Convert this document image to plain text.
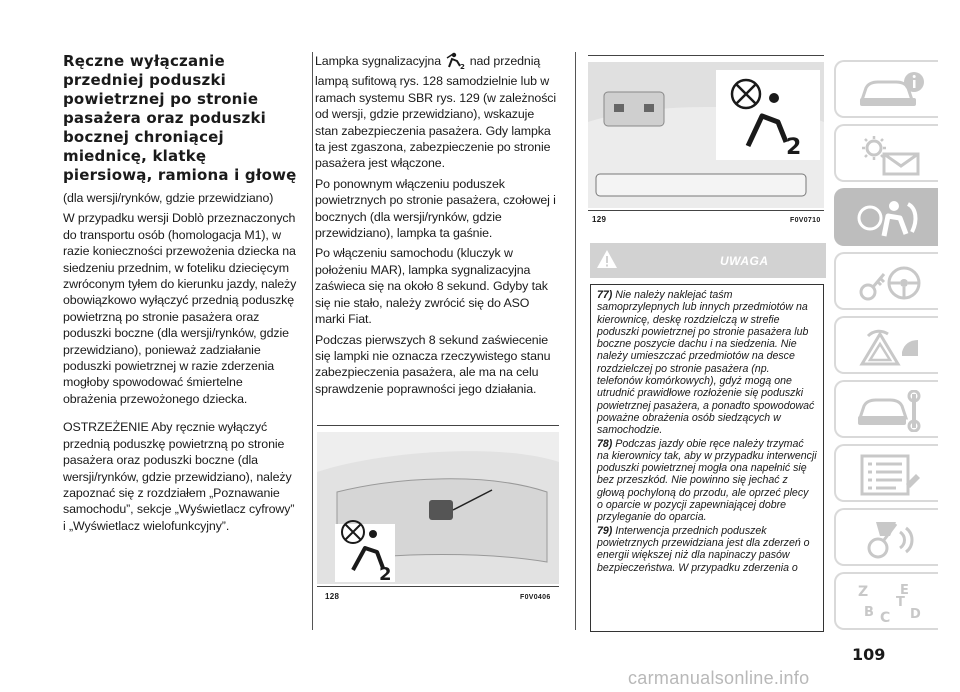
Ręczne wyłączanie przedniej poduszki powietrznej po stronie pasażera oraz poduszki bocznej chroniącej miednicę, klatkę piersiową, ramiona i głowę

(dla wersji/rynków, gdzie przewidziano)

W przypadku wersji Doblò przeznaczonych do transportu osób (homologacja M1), w razie konieczności przewożenia dziecka na siedzeniu przednim, w foteliku dziecięcym zwróconym tyłem do kierunku jazdy, należy obowiązkowo wyłączyć przednią poduszkę powietrzną po stronie pasażera oraz poduszki boczne (dla wersji/rynków, gdzie przewidziano), ponieważ zadziałanie poduszki powietrznej w razie zderzenia mogłoby spowodować śmiertelne obrażenia przewożonego dziecka.

OSTRZEŻENIE Aby ręcznie wyłączyć przednią poduszkę powietrzną po stronie pasażera oraz poduszki boczne (dla wersji/rynków, gdzie przewidziano), należy zapoznać się z rozdziałem „Poznawanie samochodu”, sekcje „Wyświetlacz cyfrowy” i „Wyświetlacz wielofunkcyjny”.

Lampka sygnalizacyjna	2 nad przednią lampą sufitową rys. 128 samodzielnie lub w ramach systemu SBR rys. 129 (w zależności od wersji, gdzie przewidziano), wskazuje stan zabezpieczenia pasażera. Gdy lampka ta jest zgaszona, zabezpieczenie po stronie pasażera jest włączone.

Po ponownym włączeniu poduszek powietrznych po stronie pasażera, czołowej i bocznych (dla wersji/rynków, gdzie przewidziano), lampka ta gaśnie.

Po włączeniu samochodu (kluczyk w położeniu MAR), lampka sygnalizacyjna zaświeca się na około 8 sekund. Gdyby tak się nie stało, należy zwrócić się do ASO marki Fiat.

Podczas pierwszych 8 sekund zaświecenie się lampki nie oznacza rzeczywistego stanu zabezpieczenia pasażera, ale ma na celu sprawdzenie poprawności jego działania.

2
128	F0V0406
2
129	F0V0710
UWAGA

77) Nie należy naklejać taśm samoprzylepnych lub innych przedmiotów na kierownicę, deskę rozdzielczą w strefie poduszki powietrznej po stronie pasażera lub boczne poszycie dachu i na siedzenia. Nie należy umieszczać przedmiotów na desce rozdzielczej po stronie pasażera (np. telefonów komórkowych), gdyż mogą one utrudnić prawidłowe rozłożenie się poduszki powietrznej pasażera, a ponadto spowodować poważne obrażenia osób siedzących w samochodzie.

78) Podczas jazdy obie ręce należy trzymać na kierownicy tak, aby w przypadku interwencji poduszki powietrznej mogła ona napełnić się bez przeszkód. Nie powinno się jechać z głową pochyloną do przodu, ale oprzeć plecy o oparcie w pozycji zapewniającej dobre przyleganie do oparcia.

79) Interwencja przednich poduszek powietrznych przewidziana jest dla zderzeń o energii większej niż dla napinaczy pasów bezpieczeństwa. W przypadku zderzenia o

Z E
B C D
T
109
carmanualsonline.info
